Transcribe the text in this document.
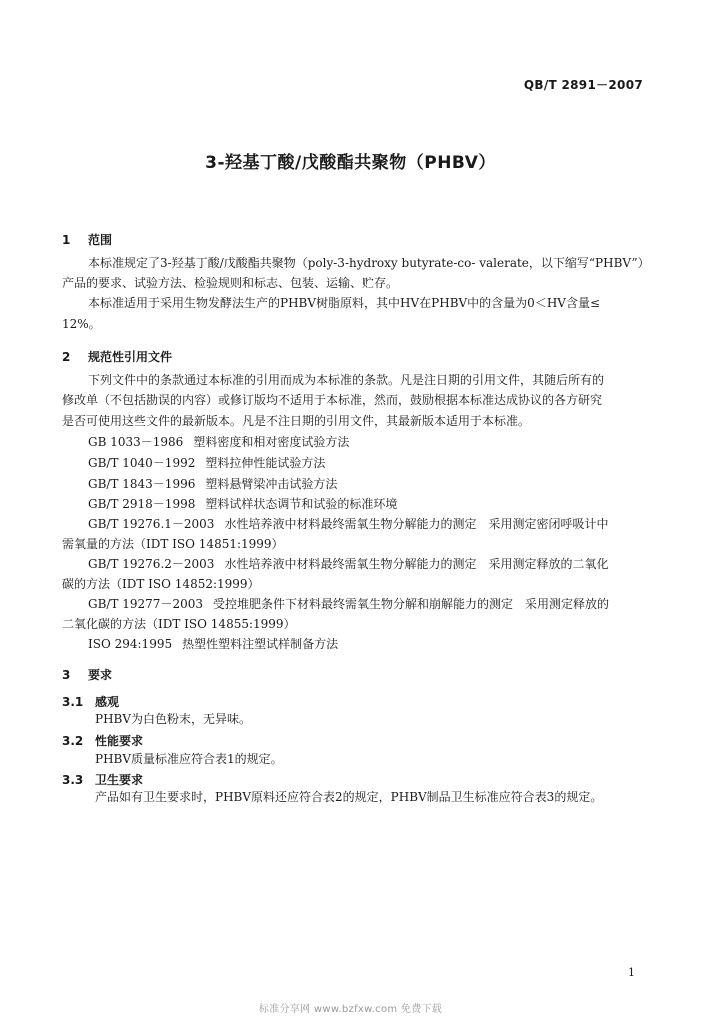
QB/T 2891－2007
3-羟基丁酸/戊酸酯共聚物（PHBV）
1 范围
本标准规定了3-羟基丁酸/戊酸酯共聚物（poly-3-hydroxy butyrate-co- valerate，以下缩写“PHBV”）
产品的要求、试验方法、检验规则和标志、包装、运输、贮存。
本标准适用于采用生物发酵法生产的PHBV树脂原料，其中HV在PHBV中的含量为0＜HV含量≤
12%。
2 规范性引用文件
下列文件中的条款通过本标准的引用而成为本标准的条款。凡是注日期的引用文件，其随后所有的
修改单（不包括勘误的内容）或修订版均不适用于本标准，然而，鼓励根据本标准达成协议的各方研究
是否可使用这些文件的最新版本。凡是不注日期的引用文件，其最新版本适用于本标准。
GB 1033－1986 塑料密度和相对密度试验方法
GB/T 1040－1992 塑料拉伸性能试验方法
GB/T 1843－1996 塑料悬臂梁冲击试验方法
GB/T 2918－1998 塑料试样状态调节和试验的标准环境
GB/T 19276.1－2003 水性培养液中材料最终需氧生物分解能力的测定　采用测定密闭呼吸计中
需氧量的方法（IDT ISO 14851:1999）
GB/T 19276.2－2003 水性培养液中材料最终需氧生物分解能力的测定　采用测定释放的二氧化
碳的方法（IDT ISO 14852:1999）
GB/T 19277－2003 受控堆肥条件下材料最终需氧生物分解和崩解能力的测定　采用测定释放的
二氧化碳的方法（IDT ISO 14855:1999）
ISO 294:1995 热塑性塑料注塑试样制备方法
3 要求
3.1 感观
PHBV为白色粉末，无异味。
3.2 性能要求
PHBV质量标准应符合表1的规定。
3.3 卫生要求
产品如有卫生要求时，PHBV原料还应符合表2的规定，PHBV制品卫生标准应符合表3的规定。
1
标准分享网 www.bzfxw.com 免费下载
